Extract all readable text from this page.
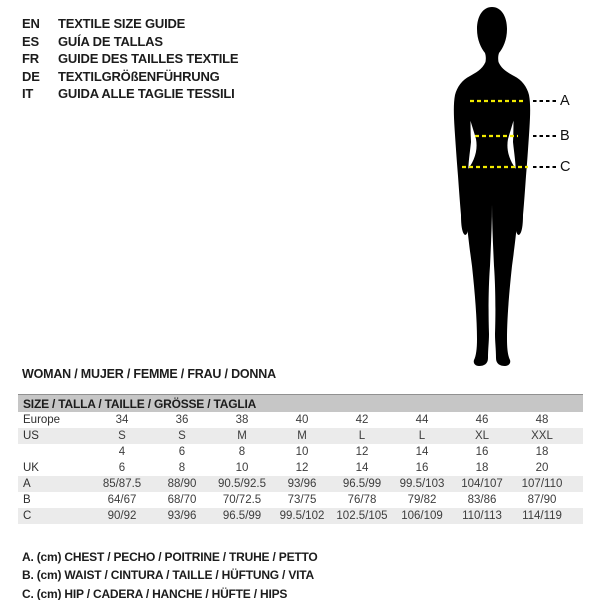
EN TEXTILE SIZE GUIDE
ES GUÍA DE TALLAS
FR GUIDE DES TAILLES TEXTILE
DE TEXTILGRÖßENFÜHRUNG
IT GUIDA ALLE TAGLIE TESSILI	A
B
C
WOMAN / MUJER / FEMME / FRAU / DONNA
SIZE / TALLA / TAILLE / GRÖSSE / TAGLIA									
Europe	34	36	38	40	42	44	46	48	
US	S	S	M	M	L	L	XL	XXL	
	4	6	8	10	12	14	16	18	
UK	6	8	10	12	14	16	18	20	
A	85/87.5	88/90	90.5/92.5	93/96	96.5/99	99.5/103	104/107	107/110	
B	64/67	68/70	70/72.5	73/75	76/78	79/82	83/86	87/90	
C	90/92	93/96	96.5/99	99.5/102	102.5/105	106/109	110/113	114/119	
A. (cm) CHEST / PECHO / POITRINE / TRUHE / PETTO
B. (cm) WAIST / CINTURA / TAILLE / HÜFTUNG / VITA
C. (cm) HIP / CADERA / HANCHE / HÜFTE / HIPS
